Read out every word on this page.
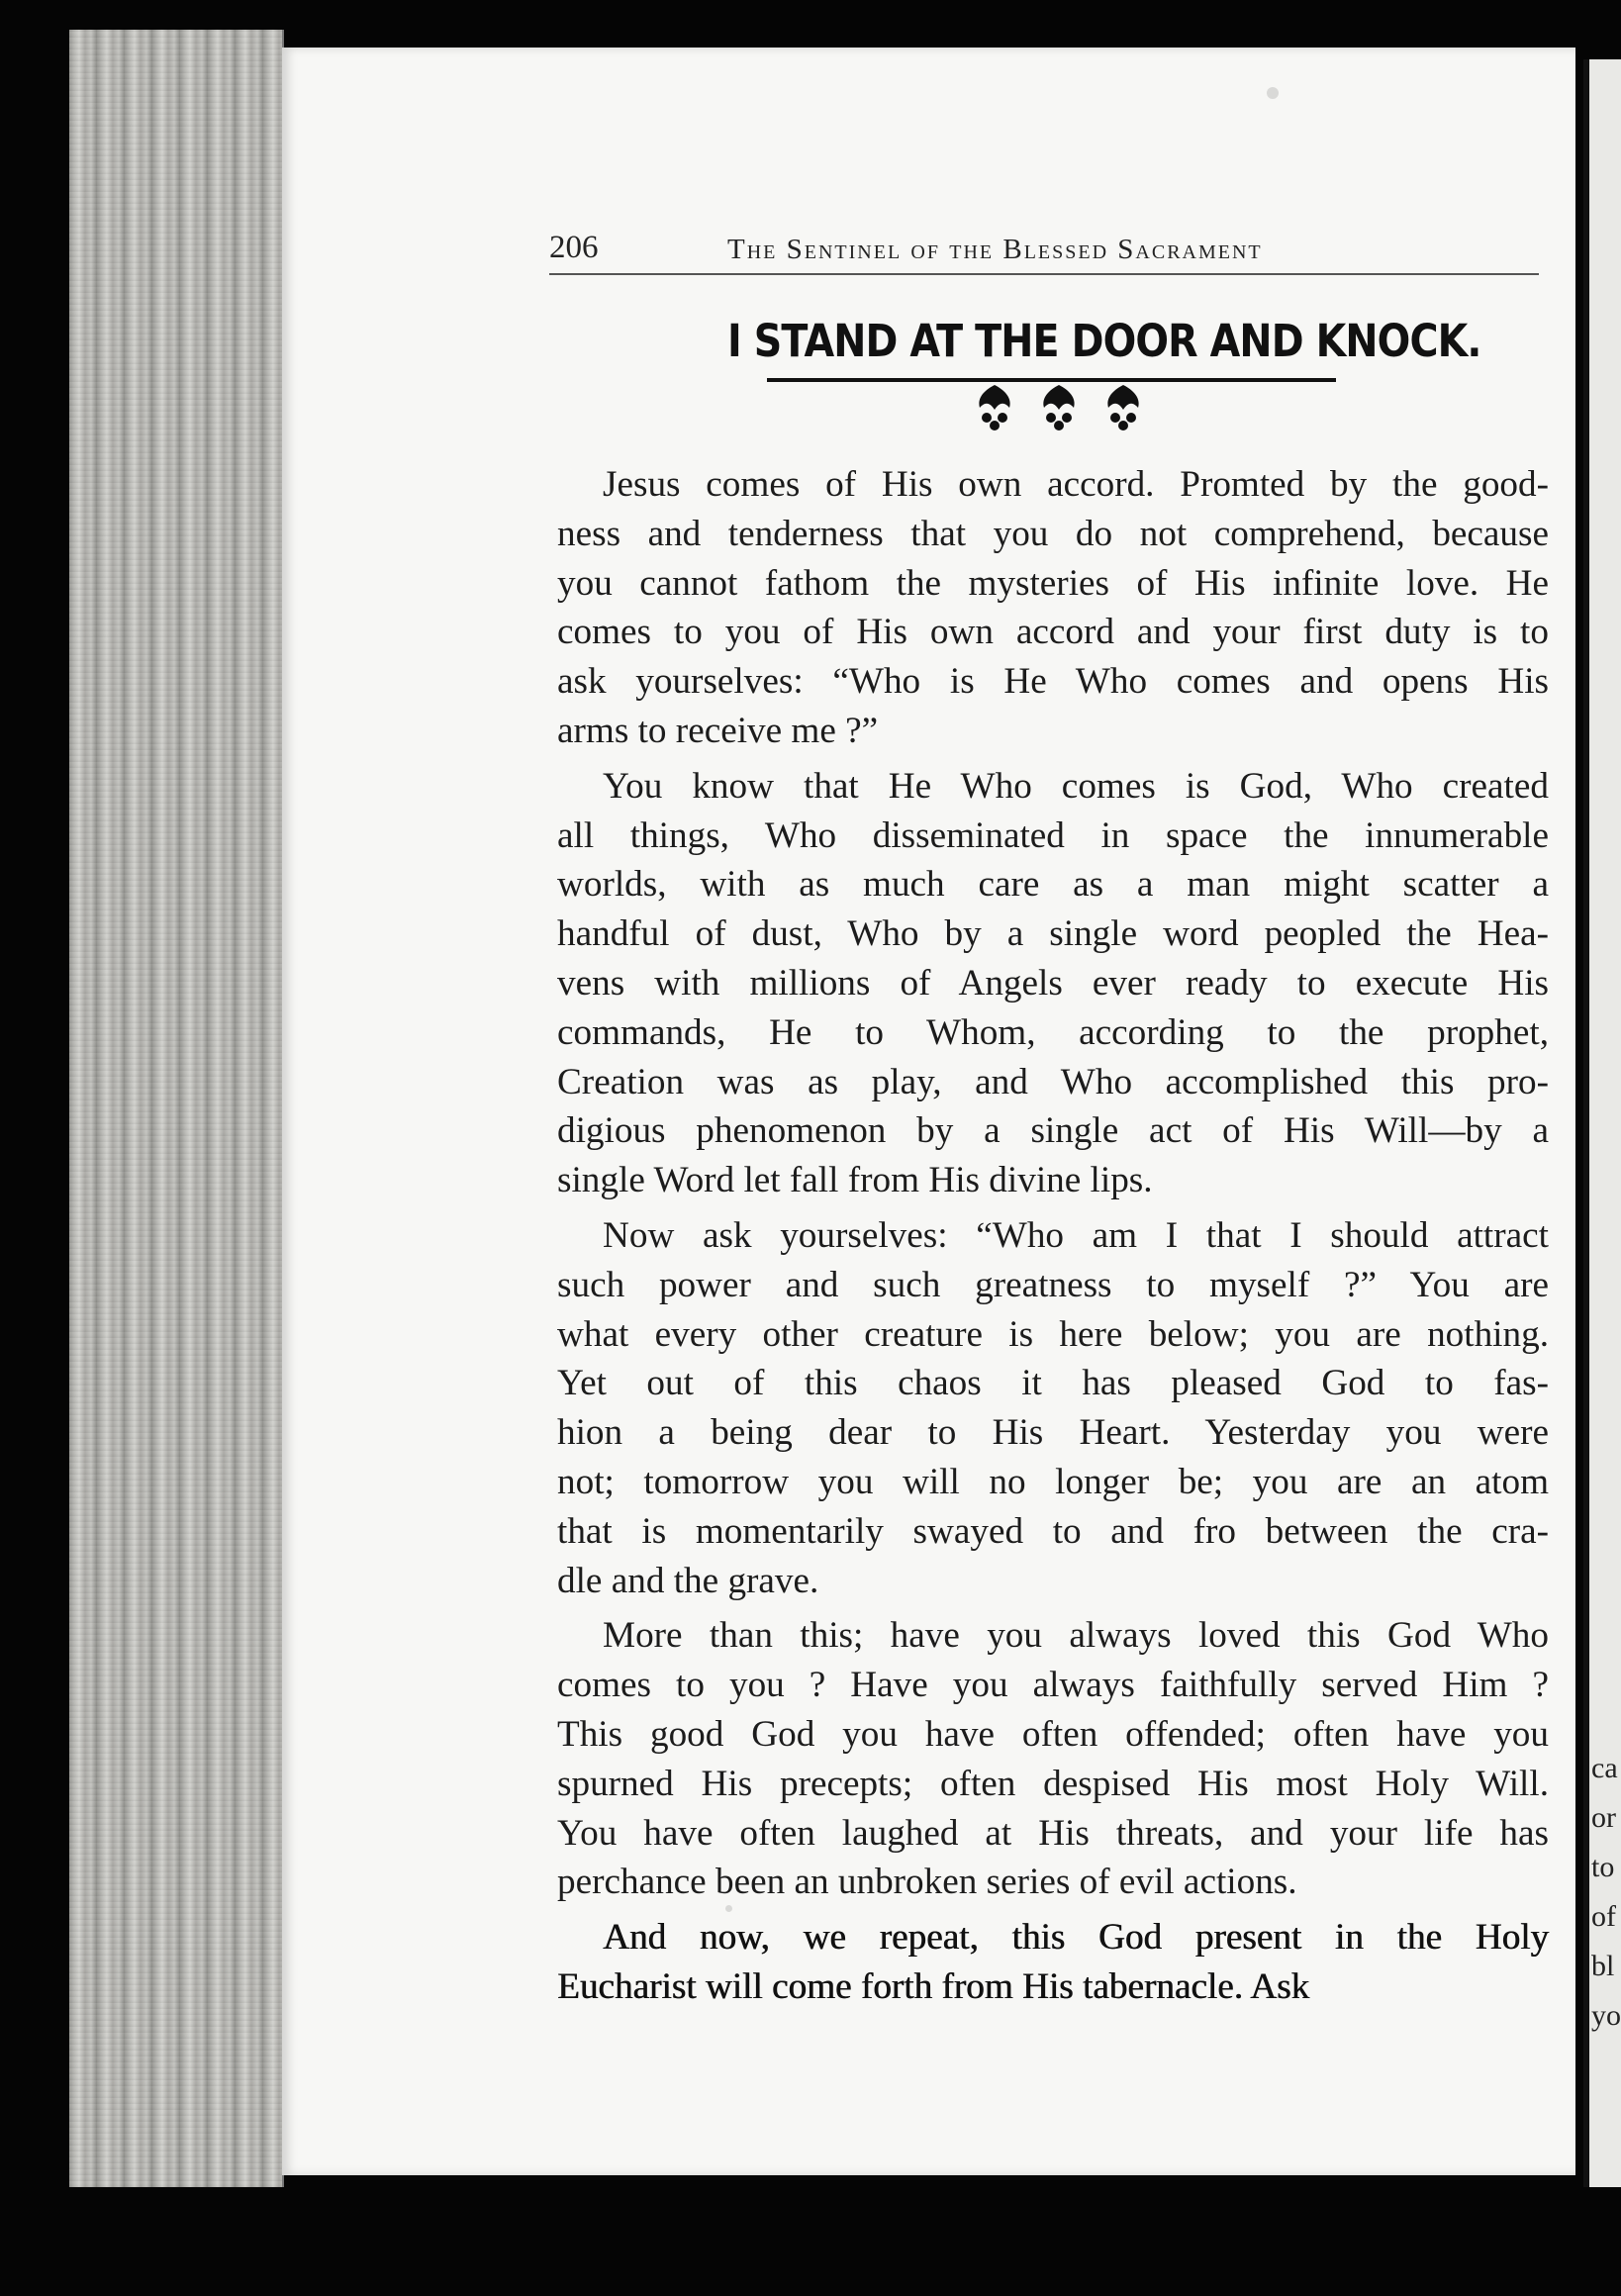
ca
or
to
of
bl
yo
206	The Sentinel of the Blessed Sacrament
I STAND AT THE DOOR AND KNOCK.

Jesus comes of His own accord. Promted by the good-
ness and tenderness that you do not comprehend, because
you cannot fathom the mysteries of His infinite love. He
comes to you of His own accord and your first duty is to
ask yourselves: “Who is He Who comes and opens His
arms to receive me ?”

You know that He Who comes is God, Who created
all things, Who disseminated in space the innumerable
worlds, with as much care as a man might scatter a
handful of dust, Who by a single word peopled the Hea-
vens with millions of Angels ever ready to execute His
commands, He to Whom, according to the prophet,
Creation was as play, and Who accomplished this pro-
digious phenomenon by a single act of His Will—by a
single Word let fall from His divine lips.

Now ask yourselves: “Who am I that I should attract
such power and such greatness to myself ?” You are
what every other creature is here below; you are nothing.
Yet out of this chaos it has pleased God to fas-
hion a being dear to His Heart. Yesterday you were
not; tomorrow you will no longer be; you are an atom
that is momentarily swayed to and fro between the cra-
dle and the grave.

More than this; have you always loved this God Who
comes to you ? Have you always faithfully served Him ?
This good God you have often offended; often have you
spurned His precepts; often despised His most Holy Will.
You have often laughed at His threats, and your life has
perchance been an unbroken series of evil actions.

And now, we repeat, this God present in the Holy
Eucharist will come forth from His tabernacle. Ask
